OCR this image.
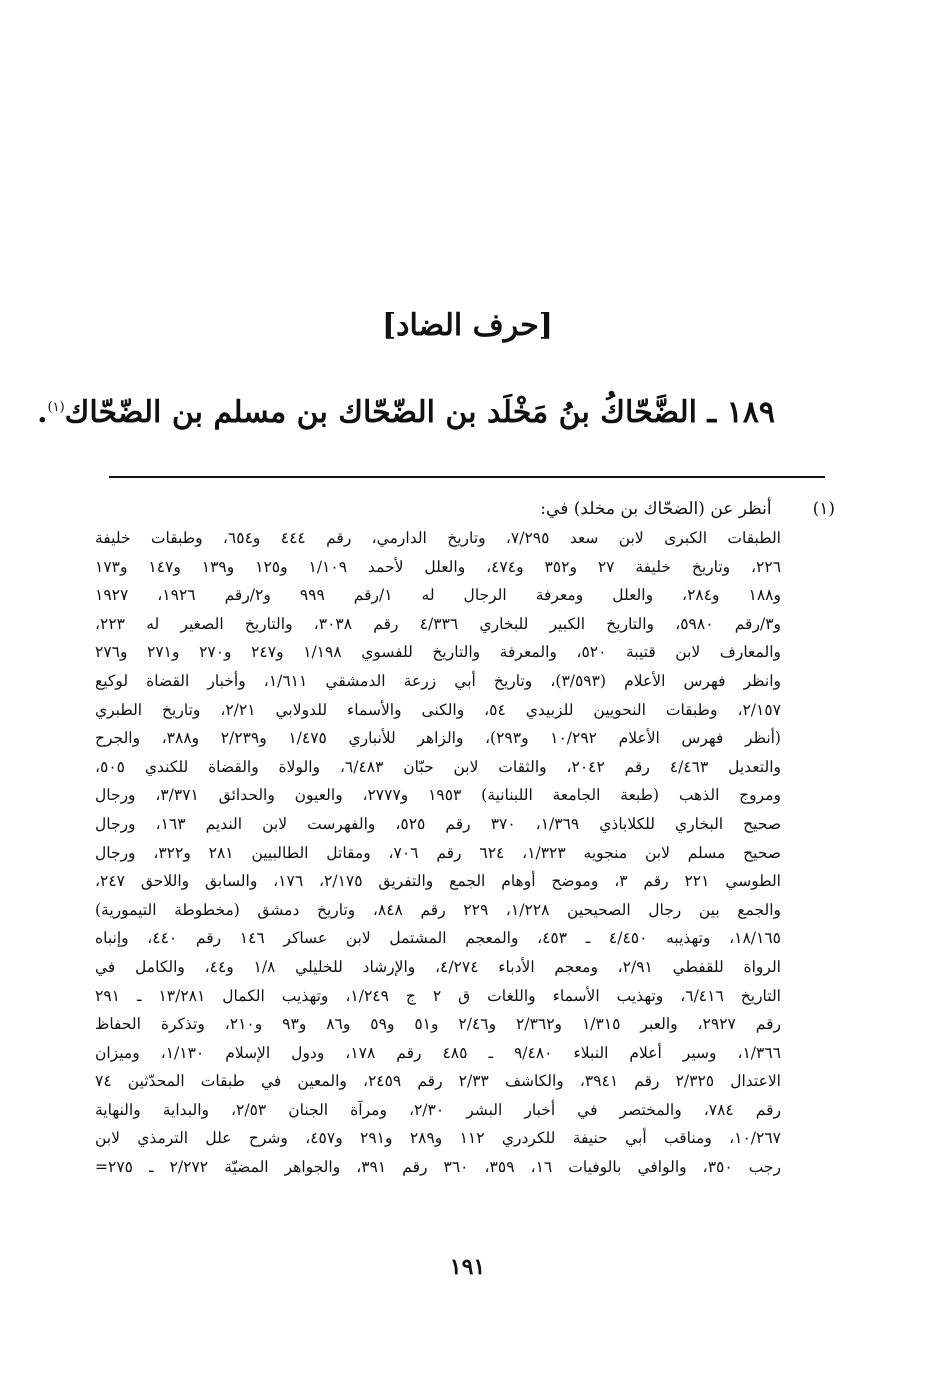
[حرف الضاد]
١٨٩ ـ الضَّحّاكُ بنُ مَخْلَد بن الضّحّاك بن مسلم بن الضّحّاك$^{(١)}$.
(١) أنظر عن (الضحّاك بن مخلد) في:
الطبقات الكبرى لابن سعد ٧/٢٩٥، وتاريخ الدارمي، رقم ٤٤٤ و٦٥٤، وطبقات خليفة
٢٢٦، وتاريخ خليفة ٢٧ و٣٥٢ و٤٧٤، والعلل لأحمد ١/١٠٩ و١٢٥ و١٣٩ و١٤٧ و١٧٣
و١٨٨ و٢٨٤، والعلل ومعرفة الرجال له ١/رقم ٩٩٩ و٢/رقم ١٩٢٦، ١٩٢٧
و٣/رقم ٥٩٨٠، والتاريخ الكبير للبخاري ٤/٣٣٦ رقم ٣٠٣٨، والتاريخ الصغير له ٢٢٣،
والمعارف لابن قتيبة ٥٢٠، والمعرفة والتاريخ للفسوي ١/١٩٨ و٢٤٧ و٢٧٠ و٢٧١ و٢٧٦
وانظر فهرس الأعلام (٣/٥٩٣)، وتاريخ أبي زرعة الدمشقي ١/٦١١، وأخبار القضاة لوكيع
٢/١٥٧، وطبقات النحويين للزبيدي ٥٤، والكنى والأسماء للدولابي ٢/٢١، وتاريخ الطبري
(أنظر فهرس الأعلام ١٠/٢٩٢ و٢٩٣)، والزاهر للأنباري ١/٤٧٥ و٢/٢٣٩ و٣٨٨، والجرح
والتعديل ٤/٤٦٣ رقم ٢٠٤٢، والثقات لابن حبّان ٦/٤٨٣، والولاة والقضاة للكندي ٥٠٥،
ومروج الذهب (طبعة الجامعة اللبنانية) ١٩٥٣ و٢٧٧٧، والعيون والحدائق ٣/٣٧١، ورجال
صحيح البخاري للكلاباذي ١/٣٦٩، ٣٧٠ رقم ٥٢٥، والفهرست لابن النديم ١٦٣، ورجال
صحيح مسلم لابن منجويه ١/٣٢٣، ٦٢٤ رقم ٧٠٦، ومقاتل الطالبيين ٢٨١ و٣٢٢، ورجال
الطوسي ٢٢١ رقم ٣، وموضح أوهام الجمع والتفريق ٢/١٧٥، ١٧٦، والسابق واللاحق ٢٤٧،
والجمع بين رجال الصحيحين ١/٢٢٨، ٢٢٩ رقم ٨٤٨، وتاريخ دمشق (مخطوطة التيمورية)
١٨/١٦٥، وتهذيبه ٤/٤٥٠ ـ ٤٥٣، والمعجم المشتمل لابن عساكر ١٤٦ رقم ٤٤٠، وإنباه
الرواة للقفطي ٢/٩١، ومعجم الأدباء ٤/٢٧٤، والإرشاد للخليلي ١/٨ و٤٤، والكامل في
التاريخ ٦/٤١٦، وتهذيب الأسماء واللغات ق ٢ ج ١/٢٤٩، وتهذيب الكمال ١٣/٢٨١ ـ ٢٩١
رقم ٢٩٢٧، والعبر ١/٣١٥ و٢/٣٦٢ و٢/٤٦ و٥١ و٥٩ و٨٦ و٩٣ و٢١٠، وتذكرة الحفاظ
١/٣٦٦، وسير أعلام النبلاء ٩/٤٨٠ ـ ٤٨٥ رقم ١٧٨، ودول الإسلام ١/١٣٠، وميزان
الاعتدال ٢/٣٢٥ رقم ٣٩٤١، والكاشف ٢/٣٣ رقم ٢٤٥٩، والمعين في طبقات المحدّثين ٧٤
رقم ٧٨٤، والمختصر في أخبار البشر ٢/٣٠، ومرآة الجنان ٢/٥٣، والبداية والنهاية
١٠/٢٦٧، ومناقب أبي حنيفة للكردري ١١٢ و٢٨٩ و٢٩١ و٤٥٧، وشرح علل الترمذي لابن
رجب ٣٥٠، والوافي بالوفيات ١٦، ٣٥٩، ٣٦٠ رقم ٣٩١، والجواهر المضيّة ٢/٢٧٢ ـ ٢٧٥=
١٩١
